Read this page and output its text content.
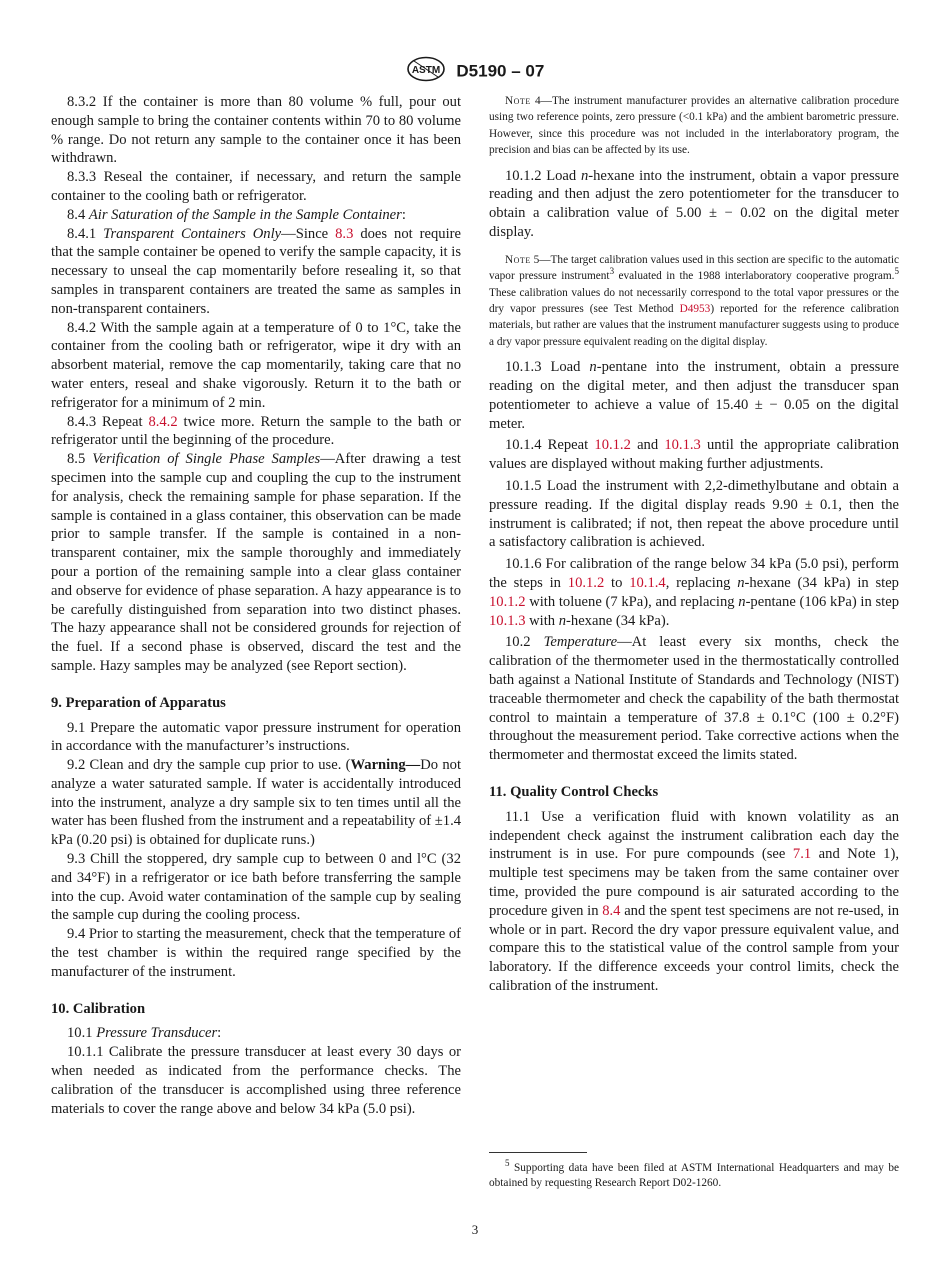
ASTM D5190 – 07

8.3.2 If the container is more than 80 volume % full, pour out enough sample to bring the container contents within 70 to 80 volume % range. Do not return any sample to the container once it has been withdrawn.

8.3.3 Reseal the container, if necessary, and return the sample container to the cooling bath or refrigerator.

8.4 Air Saturation of the Sample in the Sample Container:

8.4.1 Transparent Containers Only—Since 8.3 does not require that the sample container be opened to verify the sample capacity, it is necessary to unseal the cap momentarily before resealing it, so that samples in transparent containers are treated the same as samples in non-transparent containers.

8.4.2 With the sample again at a temperature of 0 to 1°C, take the container from the cooling bath or refrigerator, wipe it dry with an absorbent material, remove the cap momentarily, taking care that no water enters, reseal and shake vigorously. Return it to the bath or refrigerator for a minimum of 2 min.

8.4.3 Repeat 8.4.2 twice more. Return the sample to the bath or refrigerator until the beginning of the procedure.

8.5 Verification of Single Phase Samples—After drawing a test specimen into the sample cup and coupling the cup to the instrument for analysis, check the remaining sample for phase separation. If the sample is contained in a glass container, this observation can be made prior to sample transfer. If the sample is contained in a non-transparent container, mix the sample thoroughly and immediately pour a portion of the remaining sample into a clear glass container and observe for evidence of phase separation. A hazy appearance is to be carefully distinguished from separation into two distinct phases. The hazy appearance shall not be considered grounds for rejection of the fuel. If a second phase is observed, discard the test and the sample. Hazy samples may be analyzed (see Report section).

9. Preparation of Apparatus

9.1 Prepare the automatic vapor pressure instrument for operation in accordance with the manufacturer’s instructions.

9.2 Clean and dry the sample cup prior to use. (Warning—Do not analyze a water saturated sample. If water is accidentally introduced into the instrument, analyze a dry sample six to ten times until all the water has been flushed from the instrument and a repeatability of ±1.4 kPa (0.20 psi) is obtained for duplicate runs.)

9.3 Chill the stoppered, dry sample cup to between 0 and l°C (32 and 34°F) in a refrigerator or ice bath before transferring the sample into the cup. Avoid water contamination of the sample cup by sealing the sample cup during the cooling process.

9.4 Prior to starting the measurement, check that the temperature of the test chamber is within the required range specified by the manufacturer of the instrument.

10. Calibration

10.1 Pressure Transducer:

10.1.1 Calibrate the pressure transducer at least every 30 days or when needed as indicated from the performance checks. The calibration of the transducer is accomplished using three reference materials to cover the range above and below 34 kPa (5.0 psi).

Note 4—The instrument manufacturer provides an alternative calibration procedure using two reference points, zero pressure (<0.1 kPa) and the ambient barometric pressure. However, since this procedure was not included in the interlaboratory program, the precision and bias can be affected by its use.

10.1.2 Load n-hexane into the instrument, obtain a vapor pressure reading and then adjust the zero potentiometer for the transducer to obtain a calibration value of 5.00 ± − 0.02 on the digital meter display.

Note 5—The target calibration values used in this section are specific to the automatic vapor pressure instrument$^3$ evaluated in the 1988 interlaboratory cooperative program.$^5$ These calibration values do not necessarily correspond to the total vapor pressures or the dry vapor pressures (see Test Method D4953) reported for the reference calibration materials, but rather are values that the instrument manufacturer suggests using to produce a dry vapor pressure equivalent reading on the digital display.

10.1.3 Load n-pentane into the instrument, obtain a pressure reading on the digital meter, and then adjust the transducer span potentiometer to achieve a value of 15.40 ± − 0.05 on the digital meter.

10.1.4 Repeat 10.1.2 and 10.1.3 until the appropriate calibration values are displayed without making further adjustments.

10.1.5 Load the instrument with 2,2-dimethylbutane and obtain a pressure reading. If the digital display reads 9.90 ± 0.1, then the instrument is calibrated; if not, then repeat the above procedure until a satisfactory calibration is achieved.

10.1.6 For calibration of the range below 34 kPa (5.0 psi), perform the steps in 10.1.2 to 10.1.4, replacing n-hexane (34 kPa) in step 10.1.2 with toluene (7 kPa), and replacing n-pentane (106 kPa) in step 10.1.3 with n-hexane (34 kPa).

10.2 Temperature—At least every six months, check the calibration of the thermometer used in the thermostatically controlled bath against a National Institute of Standards and Technology (NIST) traceable thermometer and check the capability of the bath thermostat control to maintain a temperature of 37.8 ± 0.1°C (100 ± 0.2°F) throughout the measurement period. Take corrective actions when the thermometer and thermostat exceed the limits stated.

11. Quality Control Checks

11.1 Use a verification fluid with known volatility as an independent check against the instrument calibration each day the instrument is in use. For pure compounds (see 7.1 and Note 1), multiple test specimens may be taken from the same container over time, provided the pure compound is air saturated according to the procedure given in 8.4 and the spent test specimens are not re-used, in whole or in part. Record the dry vapor pressure equivalent value, and compare this to the statistical value of the control sample from your laboratory. If the difference exceeds your control limits, check the calibration of the instrument.

$^5$ Supporting data have been filed at ASTM International Headquarters and may be obtained by requesting Research Report D02-1260.

3
